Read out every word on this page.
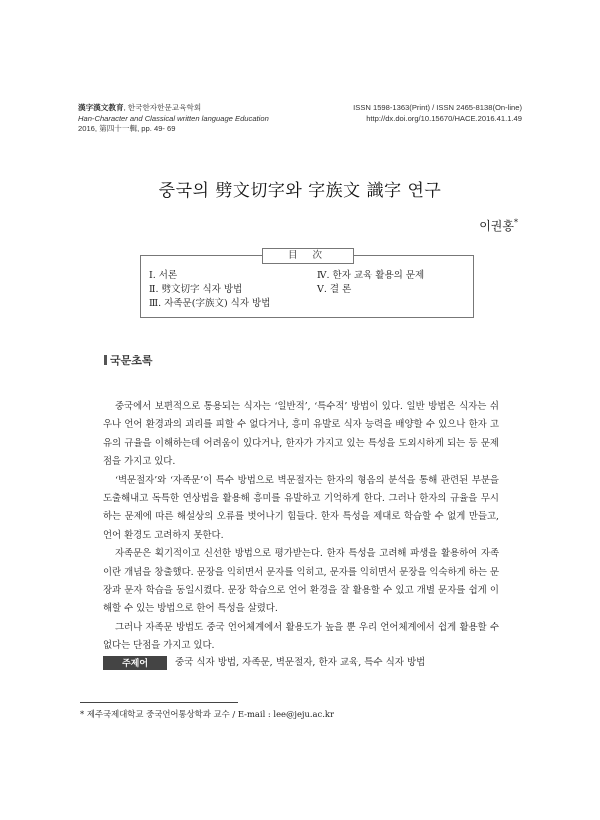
漢字漢文教育, 한국한자한문교육학회
Han-Character and Classical written language Education
2016, 第四十一輯, pp. 49- 69
ISSN 1598-1363(Print) / ISSN 2465-8138(On-line)
http://dx.doi.org/10.15670/HACE.2016.41.1.49
중국의 劈文切字와 字族文 識字 연구
이권홍*
目 次
Ⅰ. 서론
Ⅱ. 劈文切字 식자 방법
Ⅲ. 자족문(字族文) 식자 방법
Ⅳ. 한자 교육 활용의 문제
Ⅴ. 결 론
국문초록

중국에서 보편적으로 통용되는 식자는 ‘일반적’, ‘특수적’ 방법이 있다. 일반 방법은 식자는 쉬우나 언어 환경과의 괴리를 피할 수 없다거나, 흥미 유발로 식자 능력을 배양할 수 있으나 한자 고유의 규율을 이해하는데 어려움이 있다거나, 한자가 가지고 있는 특성을 도외시하게 되는 등 문제점을 가지고 있다.

‘벽문절자’와 ‘자족문’이 특수 방법으로 벽문절자는 한자의 형음의 분석을 통해 관련된 부분을 도출해내고 독특한 연상법을 활용해 흥미를 유발하고 기억하게 한다. 그러나 한자의 규율을 무시하는 문제에 따른 해설상의 오류를 벗어나기 힘들다. 한자 특성을 제대로 학습할 수 없게 만들고, 언어 환경도 고려하지 못한다.

자족문은 획기적이고 신선한 방법으로 평가받는다. 한자 특성을 고려해 파생을 활용하여 자족이란 개념을 창출했다. 문장을 익히면서 문자를 익히고, 문자를 익히면서 문장을 익숙하게 하는 문장과 문자 학습을 동일시켰다. 문장 학습으로 언어 환경을 잘 활용할 수 있고 개별 문자를 쉽게 이해할 수 있는 방법으로 한어 특성을 살렸다.

그러나 자족문 방법도 중국 언어체계에서 활용도가 높을 뿐 우리 언어체계에서 쉽게 활용할 수 없다는 단점을 가지고 있다.

주제어	중국 식자 방법, 자족문, 벽문절자, 한자 교육, 특수 식자 방법
* 제주국제대학교 중국언어통상학과 교수 / E-mail : lee@jeju.ac.kr
